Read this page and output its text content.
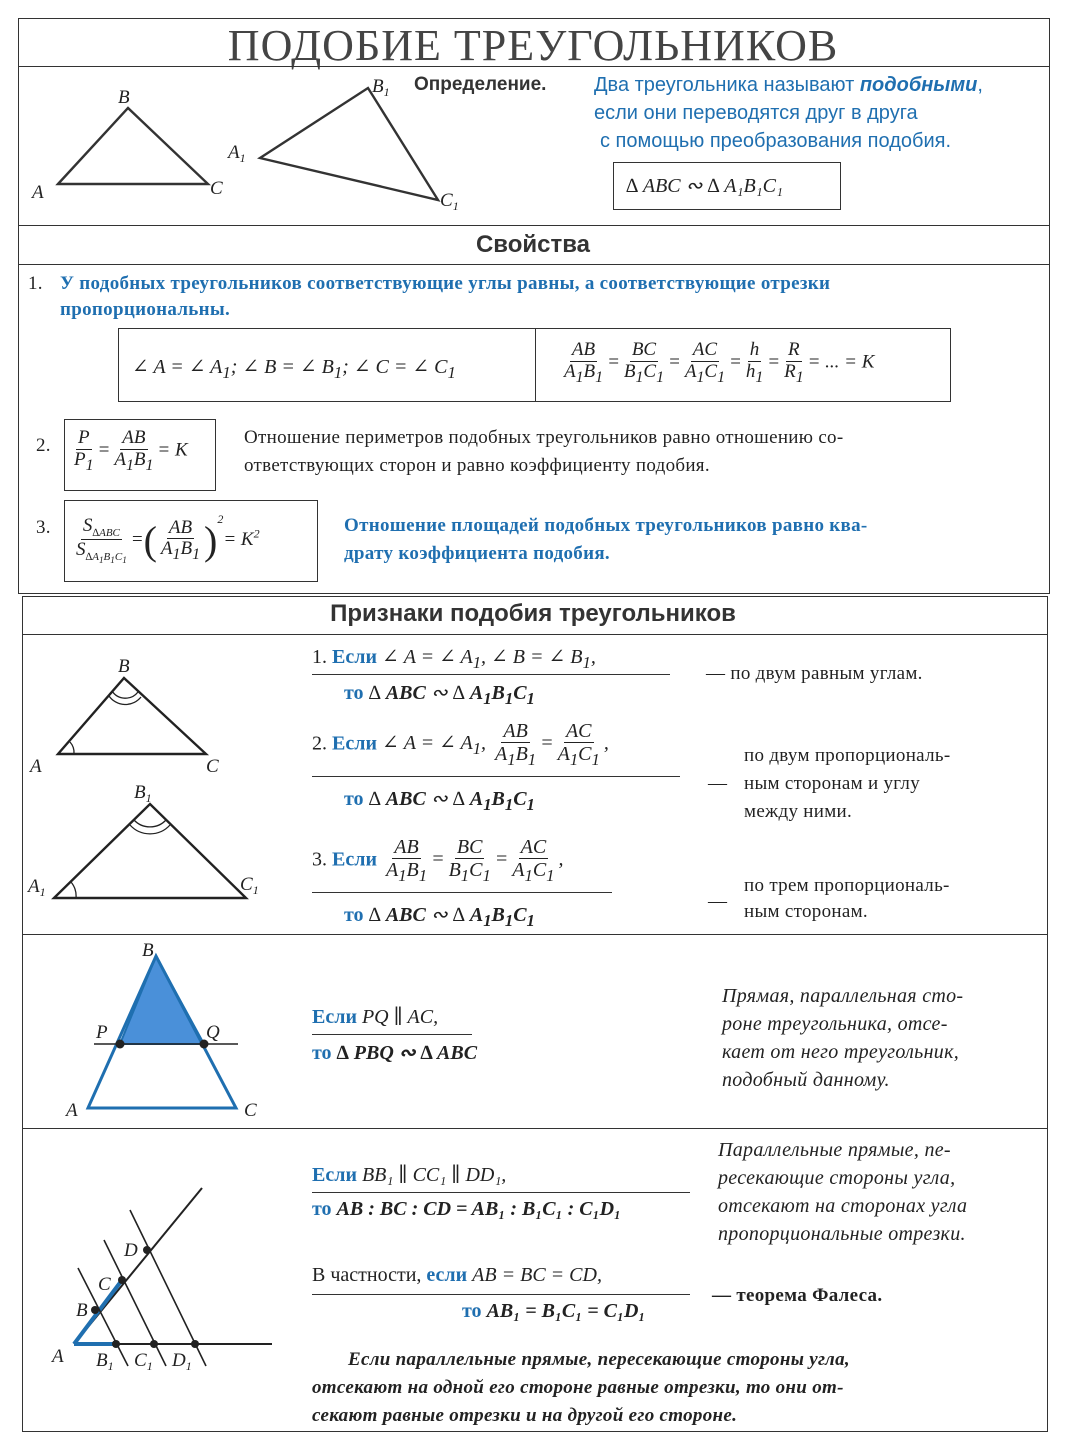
ПОДОБИЕ ТРЕУГОЛЬНИКОВ
A
B
C
$A_1$
$B_1$
$C_1$
Определение. Два треугольника называют подобными,
если они переводятся друг в друга
с помощью преобразования подобия.
∆ ABC ∾ ∆ A₁B₁C₁
Свойства
1. У подобных треугольников соответствующие углы равны, а соответствующие отрезки
пропорциональны.
∠ A = ∠ $A_1$; ∠ B = ∠ $B_1$; ∠ C = ∠ $C_1$	$\frac{AB}{A_1B_1} = \frac{BC}{B_1C_1} = \frac{AC}{A_1C_1} = \frac{h}{h_1} = \frac{R}{R_1}$ = ... = K
2. $\frac{P}{P_1} = \frac{AB}{A_1B_1} = K$
Отношение периметров подобных треугольников равно отношению со-
ответствующих сторон и равно коэффициенту подобия.
3. $\frac{S_{\Delta ABC}}{S_{\Delta A_1B_1C_1}}$ =( $\frac{AB}{A_1B_1} )^2= K^2$	Отношение площадей подобных треугольников равно ква-
драту коэффициента подобия.
Признаки подобия треугольников
A
B
C
$A_1$
$B_1$
$C_1$
1. Если ∠ A = ∠ $A_1$, ∠ B = ∠ $B_1$,
то ∆ ABC ∾ ∆ $A_1B_1C_1$
— по двум равным углам.
2. Если ∠ A = ∠ $A_1$, $\frac{AB}{A_1B_1} = \frac{AC}{A_1C_1}$ ,
то ∆ ABC ∾ ∆ $A_1B_1C_1$
—
по двум пропорциональ-
ным сторонам и углу
между ними.
3. Если $\frac{AB}{A_1B_1} = \frac{BC}{B_1C_1} = \frac{AC}{A_1C_1}$ ,
то ∆ ABC ∾ ∆ $A_1B_1C_1$
—
по трем пропорциональ-
ным сторонам.
B
P	Q
A	C
Если PQ ∥ AC,
то ∆ PBQ ∾ ∆ ABC
Прямая, параллельная сто-
роне треугольника, отсе-
кает от него треугольник,
подобный данному.
A
B
C
D
$B_1$ $C_1$ $D_1$
Если BB₁ ∥ CC₁ ∥ DD₁,
то AB : BC : CD = AB₁ : B₁C₁ : C₁D₁
Параллельные прямые, пе-
ресекающие стороны угла,
отсекают на сторонах угла
пропорциональные отрезки.
В частности, если AB = BC = CD,
то AB₁ = B₁C₁ = C₁D₁
— теорема Фалеса.
Если параллельные прямые, пересекающие стороны угла,
отсекают на одной его стороне равные отрезки, то они от-
секают равные отрезки и на другой его стороне.
